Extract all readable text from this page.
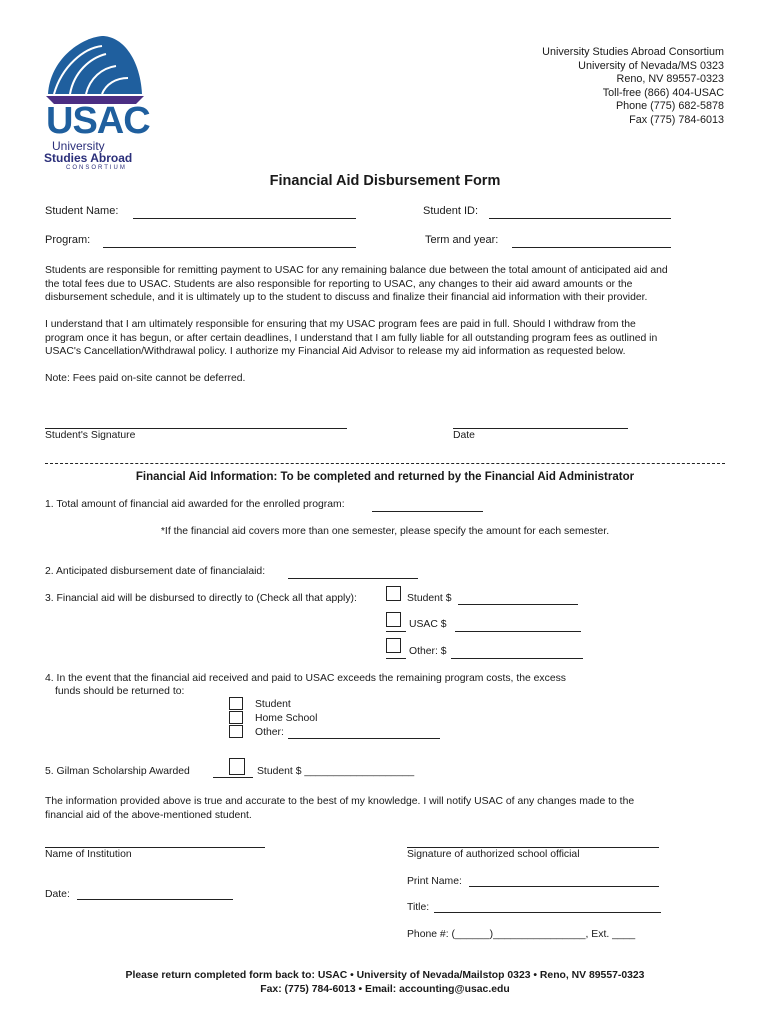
USAC
University
Studies Abroad
CONSORTIUM
University Studies Abroad Consortium
University of Nevada/MS 0323
Reno, NV 89557-0323
Toll-free (866) 404-USAC
Phone (775) 682-5878
Fax (775) 784-6013
Financial Aid Disbursement Form
Student Name:	Student ID:
Program:	Term and year:
Students are responsible for remitting payment to USAC for any remaining balance due between the total amount of anticipated aid and
the total fees due to USAC. Students are also responsible for reporting to USAC, any changes to their aid award amounts or the
disbursement schedule, and it is ultimately up to the student to discuss and finalize their financial aid information with their provider.
I understand that I am ultimately responsible for ensuring that my USAC program fees are paid in full. Should I withdraw from the
program once it has begun, or after certain deadlines, I understand that I am fully liable for all outstanding program fees as outlined in
USAC's Cancellation/Withdrawal policy. I authorize my Financial Aid Advisor to release my aid information as requested below.
Note: Fees paid on-site cannot be deferred.
Student's Signature	Date
Financial Aid Information: To be completed and returned by the Financial Aid Administrator
1. Total amount of financial aid awarded for the enrolled program:
*If the financial aid covers more than one semester, please specify the amount for each semester.
2. Anticipated disbursement date of financialaid:
3. Financial aid will be disbursed to directly to (Check all that apply):	Student $
USAC $
Other: $
4. In the event that the financial aid received and paid to USAC exceeds the remaining program costs, the excess
funds should be returned to:
Student
Home School
Other:
5. Gilman Scholarship Awarded	Student $ ___________________
The information provided above is true and accurate to the best of my knowledge. I will notify USAC of any changes made to the
financial aid of the above-mentioned student.
Name of Institution	Signature of authorized school official
Print Name:
Date:
Title:
Phone #: (______)________________, Ext. ____
Please return completed form back to: USAC • University of Nevada/Mailstop 0323 • Reno, NV 89557-0323
Fax: (775) 784-6013 • Email: accounting@usac.edu
